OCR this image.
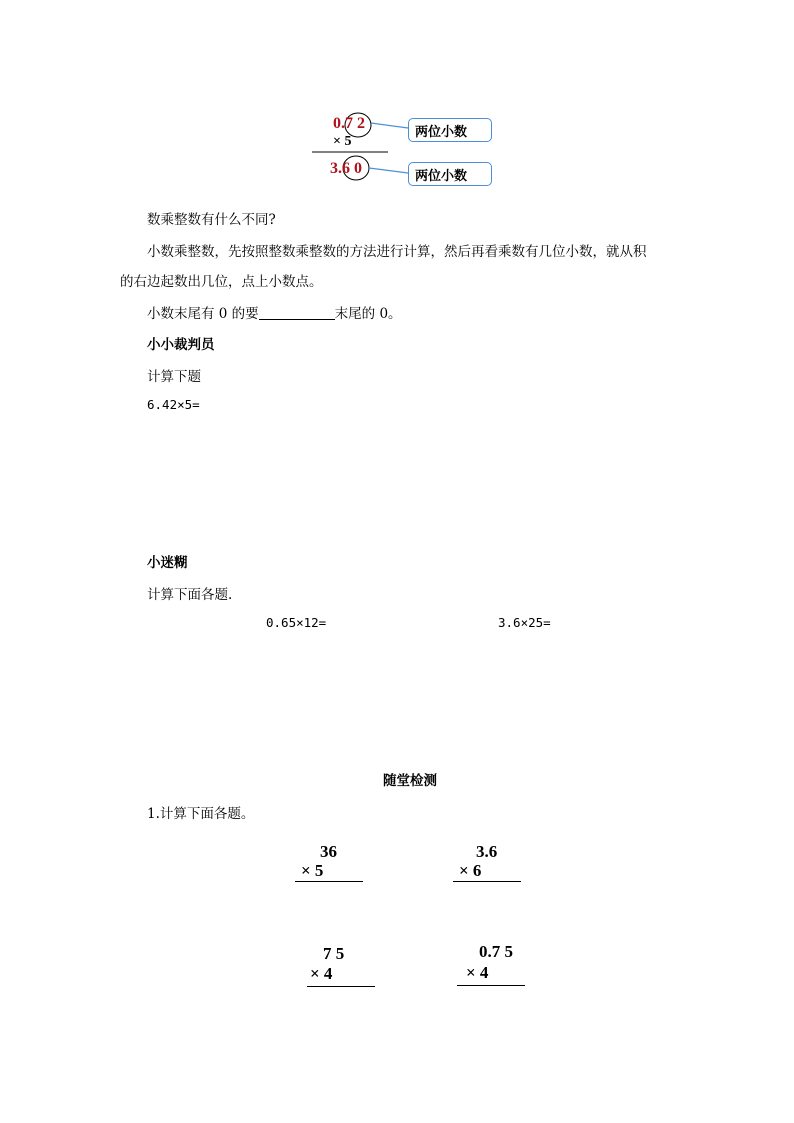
0.7 2
× 5
3.6 0
两位小数
两位小数
数乘整数有什么不同?
小数乘整数，先按照整数乘整数的方法进行计算，然后再看乘数有几位小数，就从积
的右边起数出几位，点上小数点。
小数末尾有 0 的要	末尾的 0。
小小裁判员
计算下题
6.42×5=
小迷糊
计算下面各题.
0.65×12=	3.6×25=
随堂检测
1.计算下面各题。
36
× 5
3.6
× 6
7 5
× 4
0.7 5
× 4
